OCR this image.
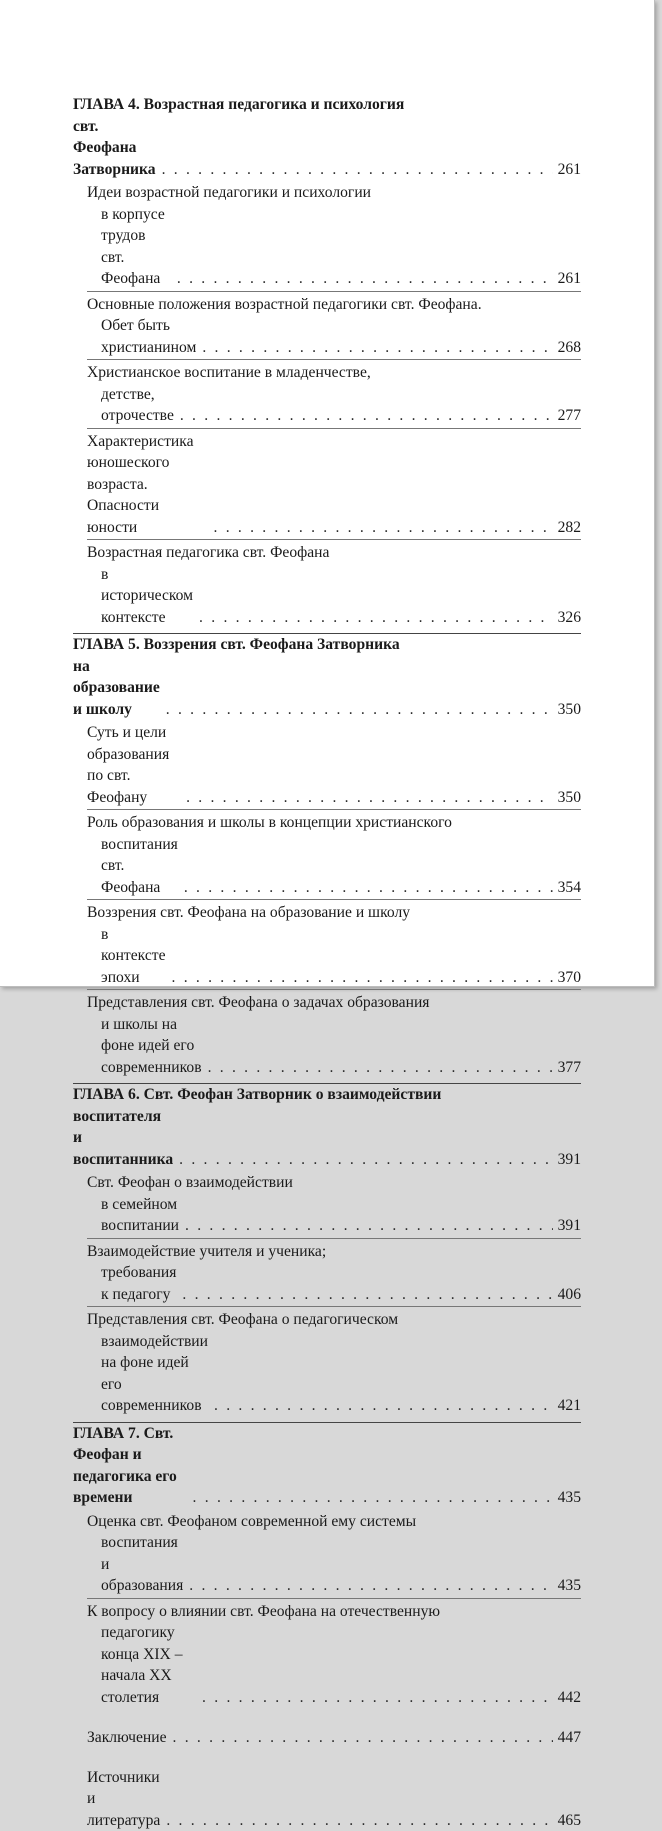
ГЛАВА 4. Возрастная педагогика и психология
свт. Феофана Затворника . . .	261
Идеи возрастной педагогики и психологии
в корпусе трудов свт. Феофана . . .	261
Основные положения возрастной педагогики свт. Феофана.
Обет быть христианином . . .	268
Христианское воспитание в младенчестве,
детстве, отрочестве . . .	277
Характеристика юношеского возраста. Опасности юности . . .	282
Возрастная педагогика свт. Феофана
в историческом контексте . . .	326
ГЛАВА 5. Воззрения свт. Феофана Затворника
на образование и школу . . .	350
Суть и цели образования по свт. Феофану . . .	350
Роль образования и школы в концепции христианского
воспитания свт. Феофана . . .	354
Воззрения свт. Феофана на образование и школу
в контексте эпохи . . .	370
Представления свт. Феофана о задачах образования
и школы на фоне идей его современников . . .	377
ГЛАВА 6. Свт. Феофан Затворник о взаимодействии
воспитателя и воспитанника . . .	391
Свт. Феофан о взаимодействии
в семейном воспитании . . .	391
Взаимодействие учителя и ученика;
требования к педагогу . . .	406
Представления свт. Феофана о педагогическом
взаимодействии на фоне идей его современников . . .	421
ГЛАВА 7. Свт. Феофан и педагогика его времени . . .	435
Оценка свт. Феофаном современной ему системы
воспитания и образования . . .	435
К вопросу о влиянии свт. Феофана на отечественную
педагогику конца XIX – начала XX столетия . . .	442
Заключение . . .	447
Источники и литература . . .	465
